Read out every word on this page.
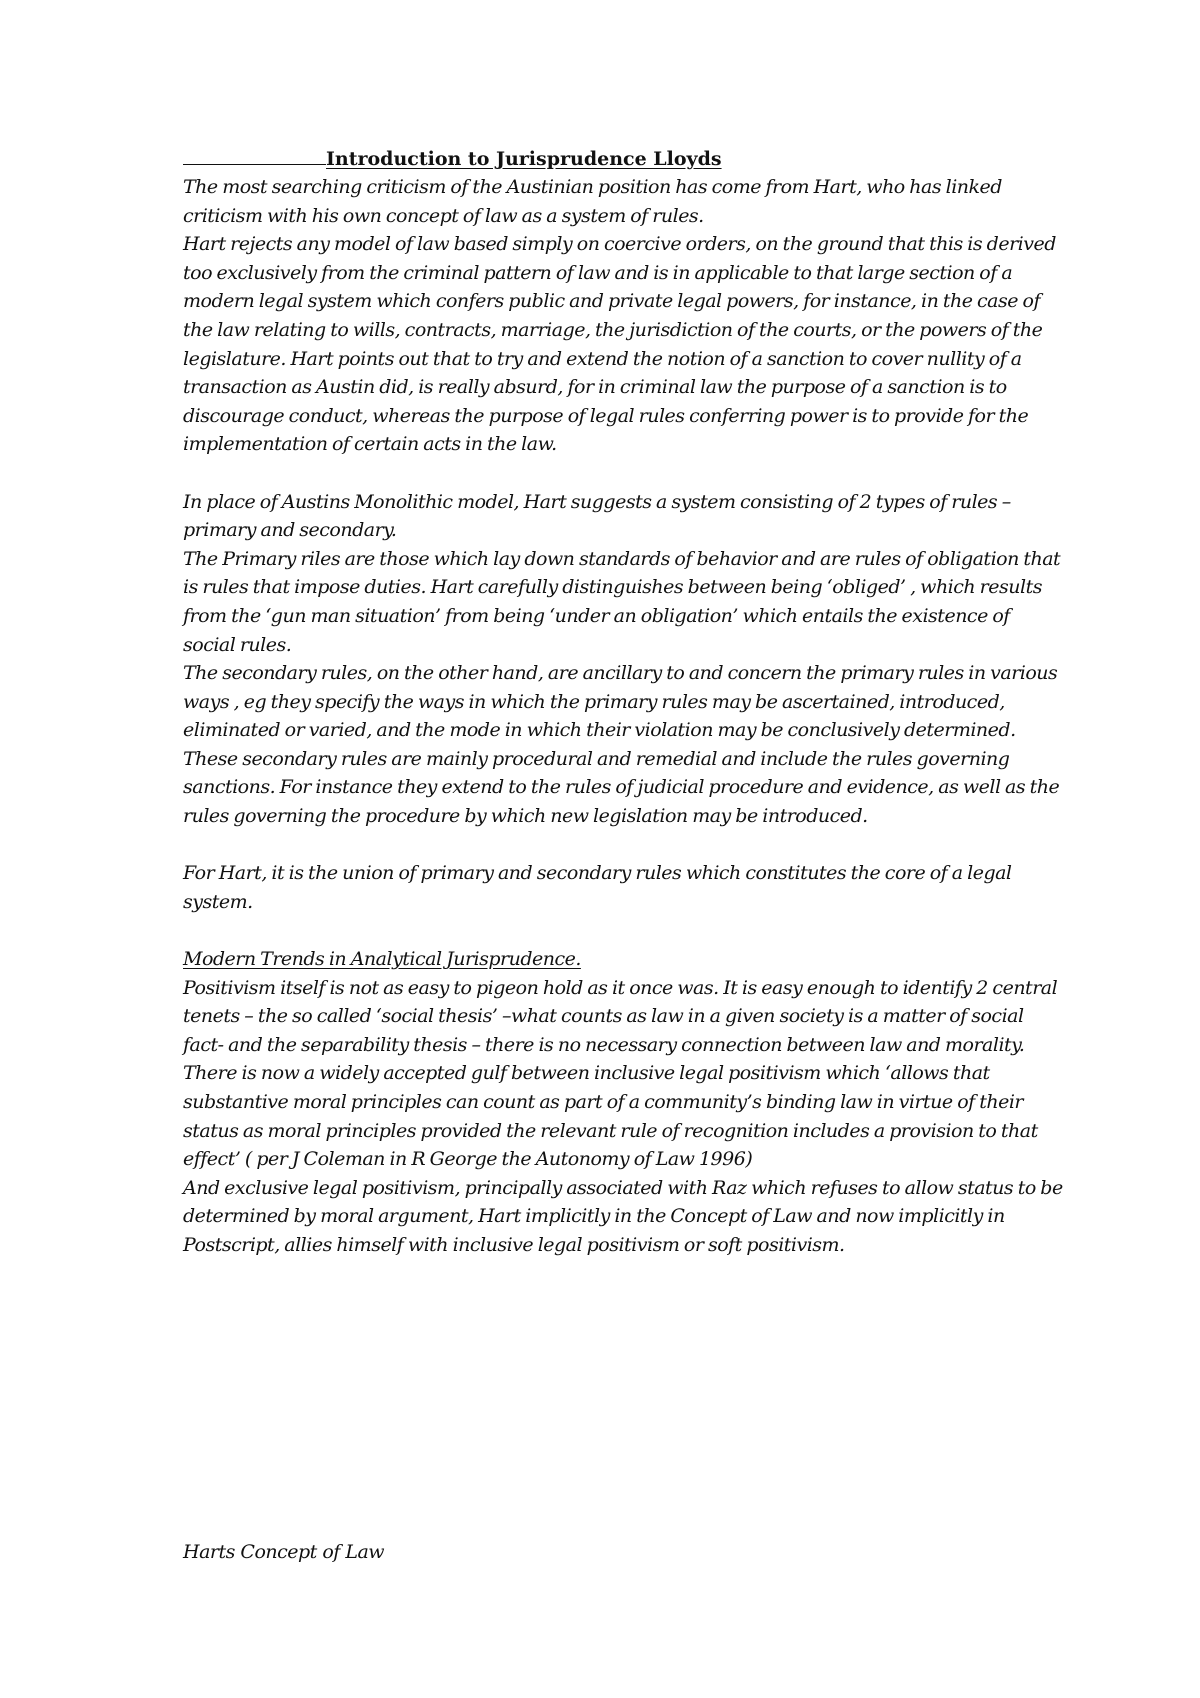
Introduction to Jurisprudence Lloyds

The most searching criticism of the Austinian position has come from Hart, who has linked criticism with his own concept of law as a system of rules.

Hart rejects any model of law based simply on coercive orders, on the ground that this is derived too exclusively from the criminal pattern of law and is in applicable to that large section of a modern legal system which confers public and private legal powers, for instance, in the case of the law relating to wills, contracts, marriage, the jurisdiction of the courts, or the powers of the legislature. Hart points out that to try and extend the notion of a sanction to cover nullity of a transaction as Austin did, is really absurd, for in criminal law the purpose of a sanction is to discourage conduct, whereas the purpose of legal rules conferring power is to provide for the implementation of certain acts in the law.

In place of Austins Monolithic model, Hart suggests a system consisting of 2 types of rules – primary and secondary.

The Primary riles are those which lay down standards of behavior and are rules of obligation that is rules that impose duties. Hart carefully distinguishes between being ‘obliged’ , which results from the ‘gun man situation’ from being ‘under an obligation’ which entails the existence of social rules.

The secondary rules, on the other hand, are ancillary to and concern the primary rules in various ways , eg they specify the ways in which the primary rules may be ascertained, introduced, eliminated or varied, and the mode in which their violation may be conclusively determined. These secondary rules are mainly procedural and remedial and include the rules governing sanctions. For instance they extend to the rules of judicial procedure and evidence, as well as the rules governing the procedure by which new legislation may be introduced.

For Hart, it is the union of primary and secondary rules which constitutes the core of a legal system.

Modern Trends in Analytical Jurisprudence.

Positivism itself is not as easy to pigeon hold as it once was. It is easy enough to identify 2 central tenets – the so called ‘social thesis’ –what counts as law in a given society is a matter of social fact- and the separability thesis – there is no necessary connection between law and morality. There is now a widely accepted gulf between inclusive legal positivism which ‘allows that substantive moral principles can count as part of a community’s binding law in virtue of their status as moral principles provided the relevant rule of recognition includes a provision to that effect’ ( per J Coleman in R George the Autonomy of Law 1996)

And exclusive legal positivism, principally associated with Raz which refuses to allow status to be determined by moral argument, Hart implicitly in the Concept of Law and now implicitly in Postscript, allies himself with inclusive legal positivism or soft positivism.

Harts Concept of Law
